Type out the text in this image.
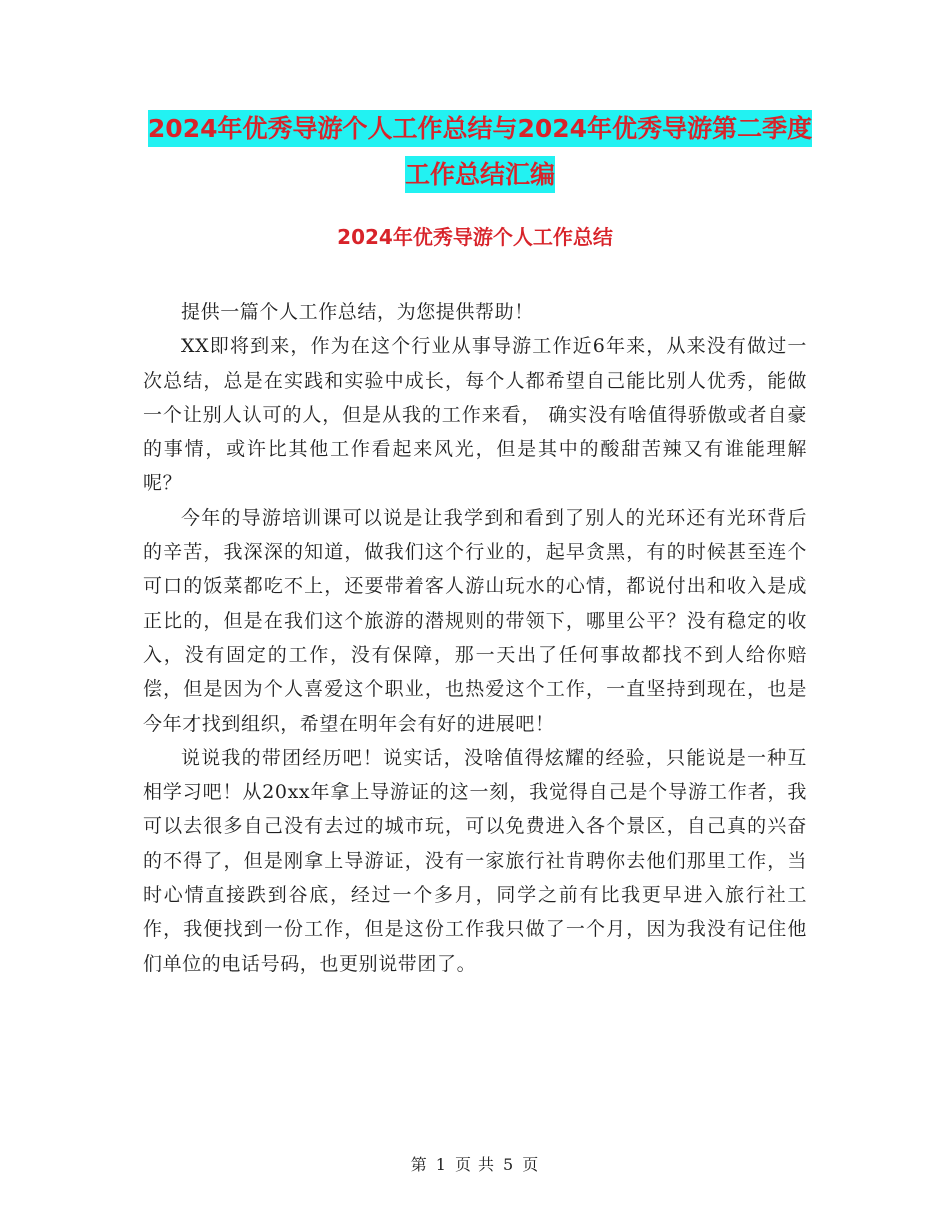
2024年优秀导游个人工作总结与2024年优秀导游第二季度工作总结汇编
2024年优秀导游个人工作总结

提供一篇个人工作总结，为您提供帮助！

XX即将到来，作为在这个行业从事导游工作近6年来，从来没有做过一次总结，总是在实践和实验中成长，每个人都希望自己能比别人优秀，能做一个让别人认可的人，但是从我的工作来看， 确实没有啥值得骄傲或者自豪的事情，或许比其他工作看起来风光，但是其中的酸甜苦辣又有谁能理解呢？

今年的导游培训课可以说是让我学到和看到了别人的光环还有光环背后的辛苦，我深深的知道，做我们这个行业的，起早贪黑，有的时候甚至连个可口的饭菜都吃不上，还要带着客人游山玩水的心情，都说付出和收入是成正比的，但是在我们这个旅游的潜规则的带领下，哪里公平？没有稳定的收入，没有固定的工作，没有保障，那一天出了任何事故都找不到人给你赔偿，但是因为个人喜爱这个职业，也热爱这个工作，一直坚持到现在，也是今年才找到组织，希望在明年会有好的进展吧！

说说我的带团经历吧！说实话，没啥值得炫耀的经验，只能说是一种互相学习吧！从20xx年拿上导游证的这一刻，我觉得自己是个导游工作者，我可以去很多自己没有去过的城市玩，可以免费进入各个景区，自己真的兴奋的不得了，但是刚拿上导游证，没有一家旅行社肯聘你去他们那里工作，当时心情直接跌到谷底，经过一个多月，同学之前有比我更早进入旅行社工作，我便找到一份工作，但是这份工作我只做了一个月，因为我没有记住他们单位的电话号码，也更别说带团了。

第 1 页 共 5 页
